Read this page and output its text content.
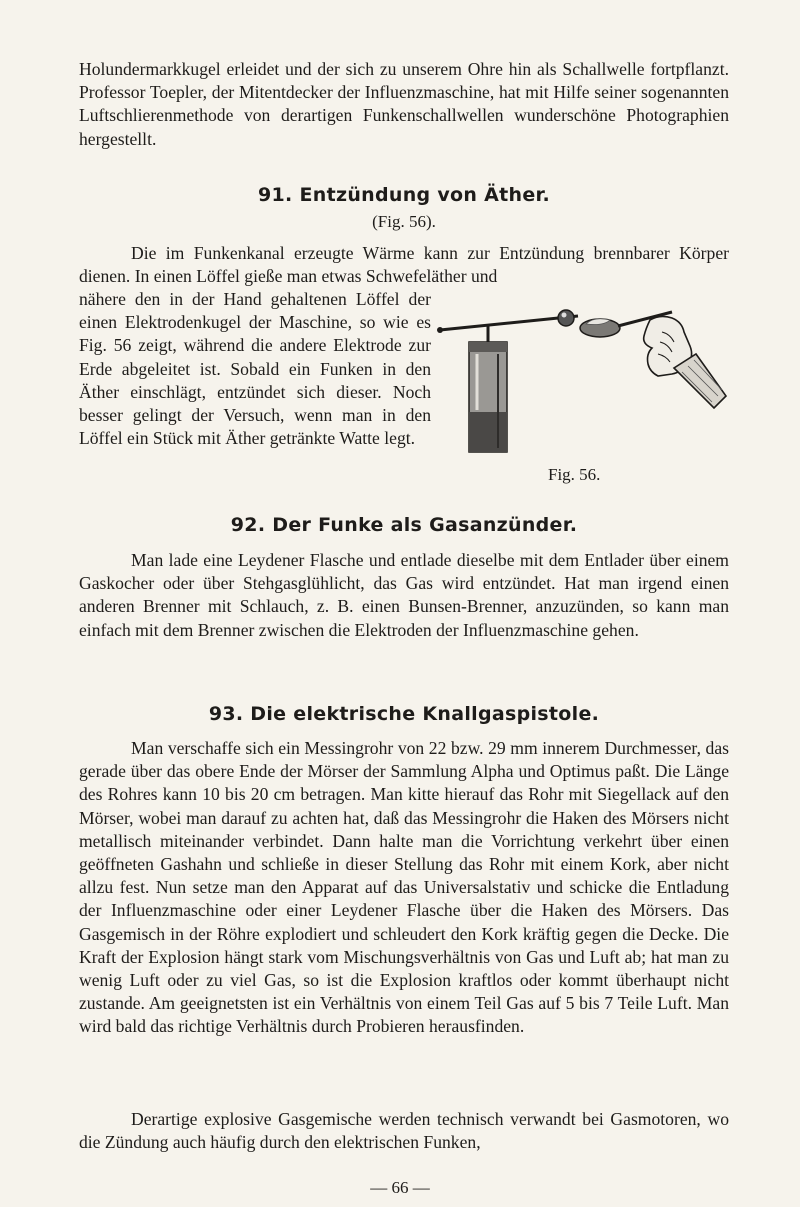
Holundermarkkugel erleidet und der sich zu unserem Ohre hin als Schallwelle fortpflanzt. Professor Toepler, der Mitentdecker der Influenzmaschine, hat mit Hilfe seiner sogenannten Luftschlierenmethode von derartigen Funkenschallwellen wunderschöne Photographien hergestellt.

91. Entzündung von Äther.

(Fig. 56).

Die im Funkenkanal erzeugte Wärme kann zur Entzündung brennbarer Körper dienen. In einen Löffel gieße man etwas Schwefeläther und

nähere den in der Hand gehaltenen Löffel der einen Elektrodenkugel der Maschine, so wie es Fig. 56 zeigt, während die andere Elektrode zur Erde abgeleitet ist. Sobald ein Funken in den Äther einschlägt, entzündet sich dieser. Noch besser gelingt der Versuch, wenn man in den Löffel ein Stück mit Äther getränkte Watte legt.

Fig. 56.

92. Der Funke als Gasanzünder.

Man lade eine Leydener Flasche und entlade dieselbe mit dem Entlader über einem Gaskocher oder über Stehgasglühlicht, das Gas wird entzündet. Hat man irgend einen anderen Brenner mit Schlauch, z. B. einen Bunsen-Brenner, anzuzünden, so kann man einfach mit dem Brenner zwischen die Elektroden der Influenzmaschine gehen.

93. Die elektrische Knallgaspistole.

Man verschaffe sich ein Messingrohr von 22 bzw. 29 mm innerem Durchmesser, das gerade über das obere Ende der Mörser der Sammlung Alpha und Optimus paßt. Die Länge des Rohres kann 10 bis 20 cm betragen. Man kitte hierauf das Rohr mit Siegellack auf den Mörser, wobei man darauf zu achten hat, daß das Messingrohr die Haken des Mörsers nicht metallisch miteinander verbindet. Dann halte man die Vorrichtung verkehrt über einen geöffneten Gashahn und schließe in dieser Stellung das Rohr mit einem Kork, aber nicht allzu fest. Nun setze man den Apparat auf das Universalstativ und schicke die Entladung der Influenzmaschine oder einer Leydener Flasche über die Haken des Mörsers. Das Gasgemisch in der Röhre explodiert und schleudert den Kork kräftig gegen die Decke. Die Kraft der Explosion hängt stark vom Mischungsverhältnis von Gas und Luft ab; hat man zu wenig Luft oder zu viel Gas, so ist die Explosion kraftlos oder kommt überhaupt nicht zustande. Am geeignetsten ist ein Verhältnis von einem Teil Gas auf 5 bis 7 Teile Luft. Man wird bald das richtige Verhältnis durch Probieren herausfinden.

Derartige explosive Gasgemische werden technisch verwandt bei Gasmotoren, wo die Zündung auch häufig durch den elektrischen Funken,

— 66 —
